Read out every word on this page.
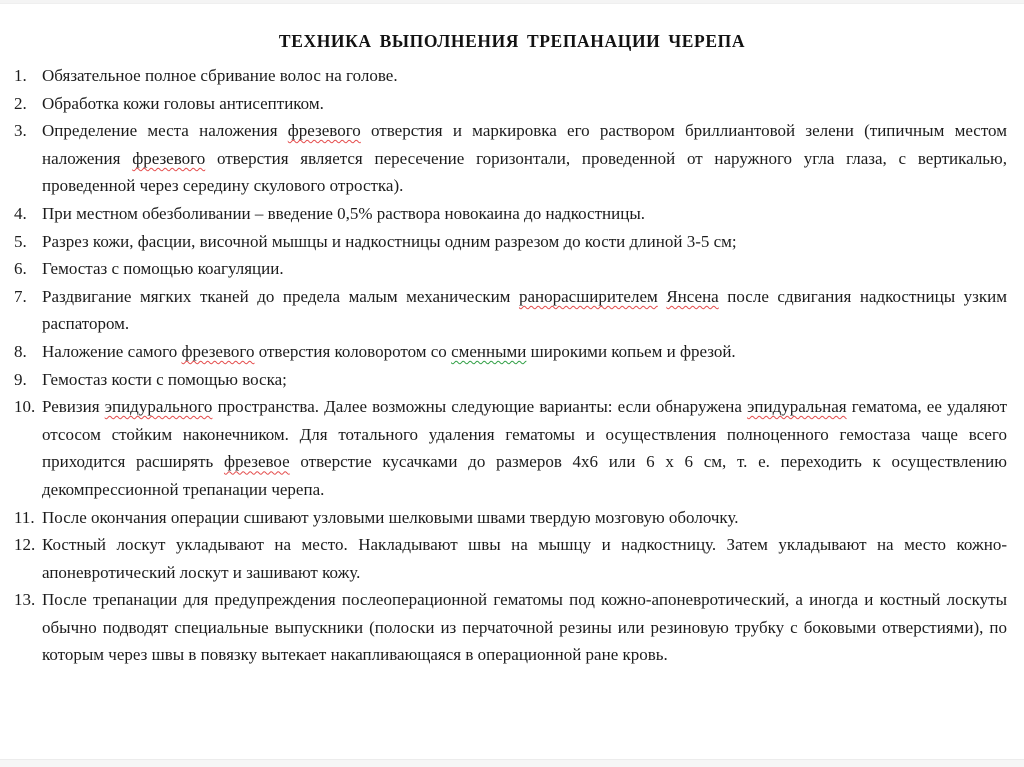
ТЕХНИКА ВЫПОЛНЕНИЯ ТРЕПАНАЦИИ ЧЕРЕПА
1. Обязательное полное сбривание волос на голове.
2. Обработка кожи головы антисептиком.
3. Определение места наложения фрезевого отверстия и маркировка его раствором бриллиантовой зелени (типичным местом наложения фрезевого отверстия является пересечение горизонтали, проведенной от наружного угла глаза, с вертикалью, проведенной через середину скулового отростка).
4. При местном обезболивании – введение 0,5% раствора новокаина до надкостницы.
5. Разрез кожи, фасции, височной мышцы и надкостницы одним разрезом до кости длиной 3-5 см;
6. Гемостаз с помощью коагуляции.
7. Раздвигание мягких тканей до предела малым механическим ранорасширителем Янсена после сдвигания надкостницы узким распатором.
8. Наложение самого фрезевого отверстия коловоротом со сменными широкими копьем и фрезой.
9. Гемостаз кости с помощью воска;
10. Ревизия эпидурального пространства. Далее возможны следующие варианты: если обнаружена эпидуральная гематома, ее удаляют отсосом стойким наконечником. Для тотального удаления гематомы и осуществления полноценного гемостаза чаще всего приходится расширять фрезевое отверстие кусачками до размеров 4х6 или 6 х 6 см, т. е. переходить к осуществлению декомпрессионной трепанации черепа.
11. После окончания операции сшивают узловыми шелковыми швами твердую мозговую оболочку.
12. Костный лоскут укладывают на место. Накладывают швы на мышцу и надкостницу. Затем укладывают на место кожно-апоневротический лоскут и зашивают кожу.
13. После трепанации для предупреждения послеоперационной гематомы под кожно-апоневротический, а иногда и костный лоскуты обычно подводят специальные выпускники (полоски из перчаточной резины или резиновую трубку с боковыми отверстиями), по которым через швы в повязку вытекает накапливающаяся в операционной ране кровь.
